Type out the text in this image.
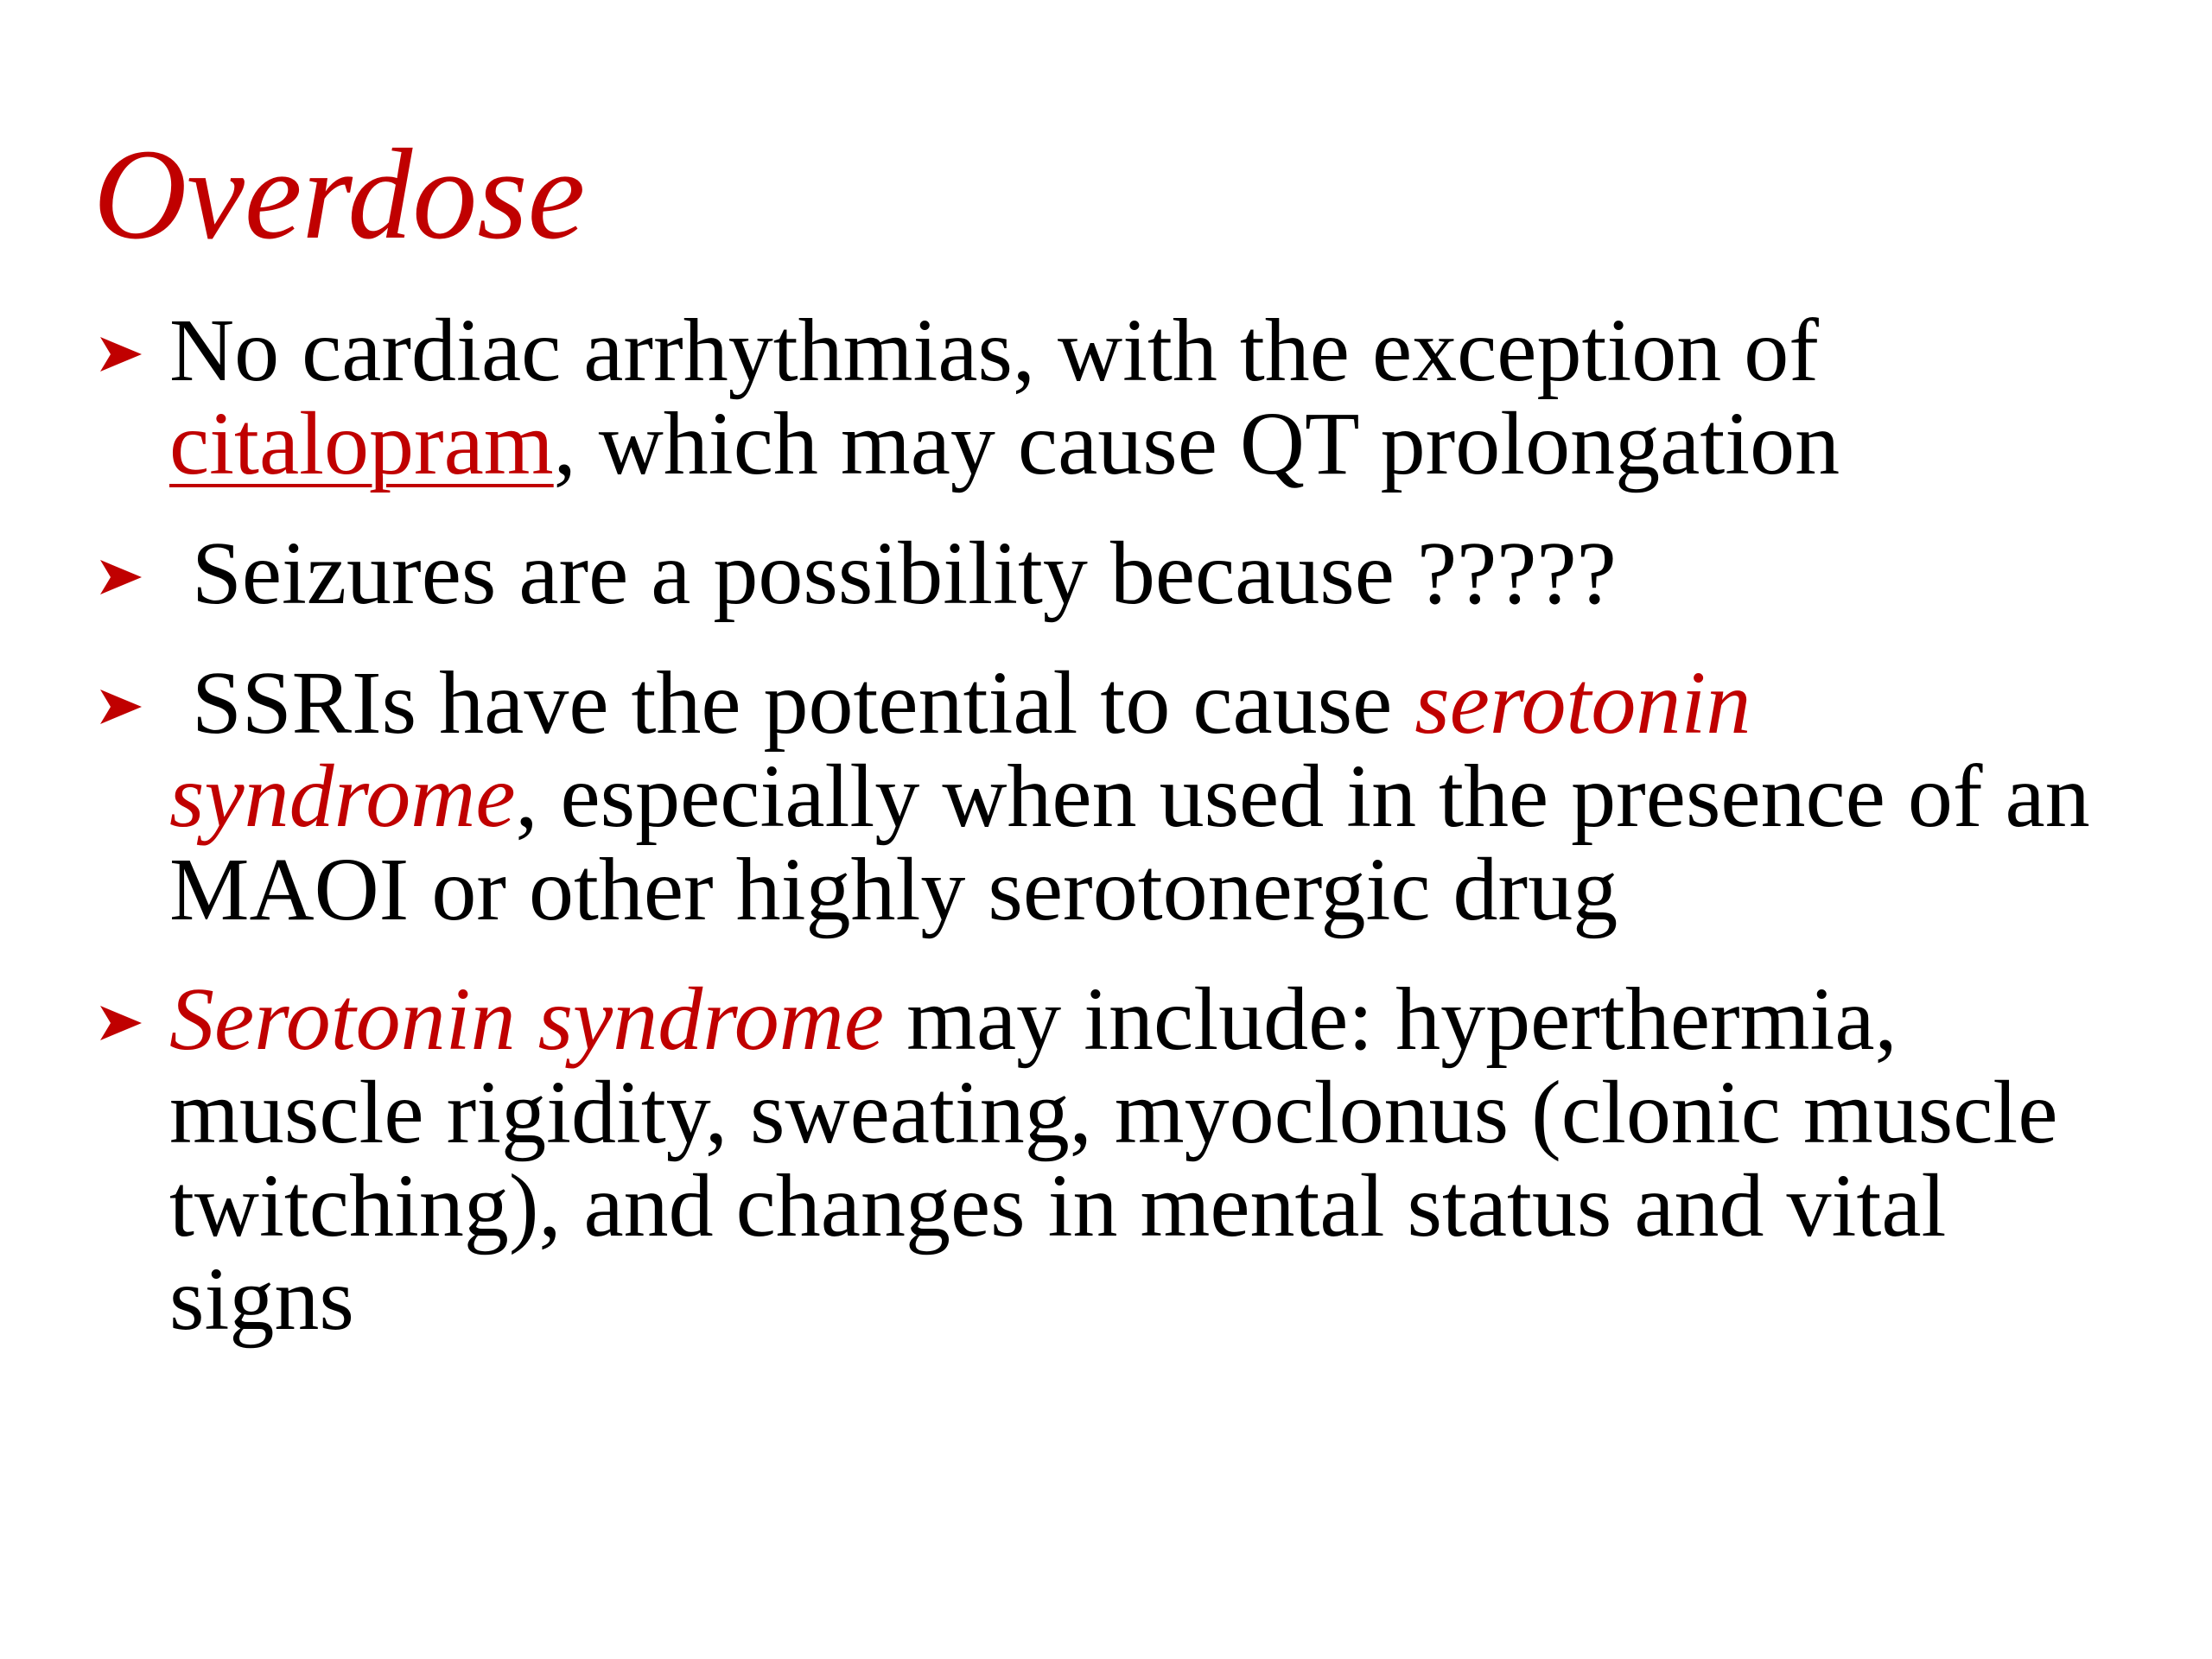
Overdose
No cardiac arrhythmias, with the exception of
citalopram, which may cause QT prolongation
Seizures are a possibility because ?????
SSRIs have the potential to cause serotonin
syndrome, especially when used in the presence of an
MAOI or other highly serotonergic drug
Serotonin syndrome may include: hyperthermia,
muscle rigidity, sweating, myoclonus (clonic muscle
twitching), and changes in mental status and vital
signs
